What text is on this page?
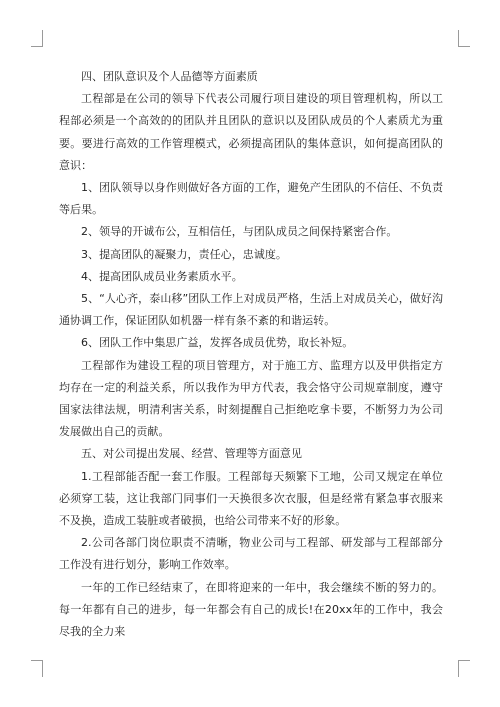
四、团队意识及个人品德等方面素质

工程部是在公司的领导下代表公司履行项目建设的项目管理机构，所以工程部必须是一个高效的的团队并且团队的意识以及团队成员的个人素质尤为重要。要进行高效的工作管理模式，必须提高团队的集体意识，如何提高团队的意识：

1、团队领导以身作则做好各方面的工作，避免产生团队的不信任、不负责等后果。

2、领导的开诚布公，互相信任，与团队成员之间保持紧密合作。

3、提高团队的凝聚力，责任心，忠诚度。

4、提高团队成员业务素质水平。

5、“人心齐，泰山移”团队工作上对成员严格，生活上对成员关心，做好沟通协调工作，保证团队如机器一样有条不紊的和谐运转。

6、团队工作中集思广益，发挥各成员优势，取长补短。

工程部作为建设工程的项目管理方，对于施工方、监理方以及甲供指定方均存在一定的利益关系，所以我作为甲方代表，我会恪守公司规章制度，遵守国家法律法规，明清利害关系，时刻提醒自己拒绝吃拿卡要，不断努力为公司发展做出自己的贡献。

五、对公司提出发展、经营、管理等方面意见

1.工程部能否配一套工作服。工程部每天频繁下工地，公司又规定在单位必须穿工装，这让我部门同事们一天换很多次衣服，但是经常有紧急事衣服来不及换，造成工装脏或者破损，也给公司带来不好的形象。

2.公司各部门岗位职责不清晰，物业公司与工程部、研发部与工程部部分工作没有进行划分，影响工作效率。

一年的工作已经结束了，在即将迎来的一年中，我会继续不断的努力的。每一年都有自己的进步，每一年都会有自己的成长!在20xx年的工作中，我会尽我的全力来
